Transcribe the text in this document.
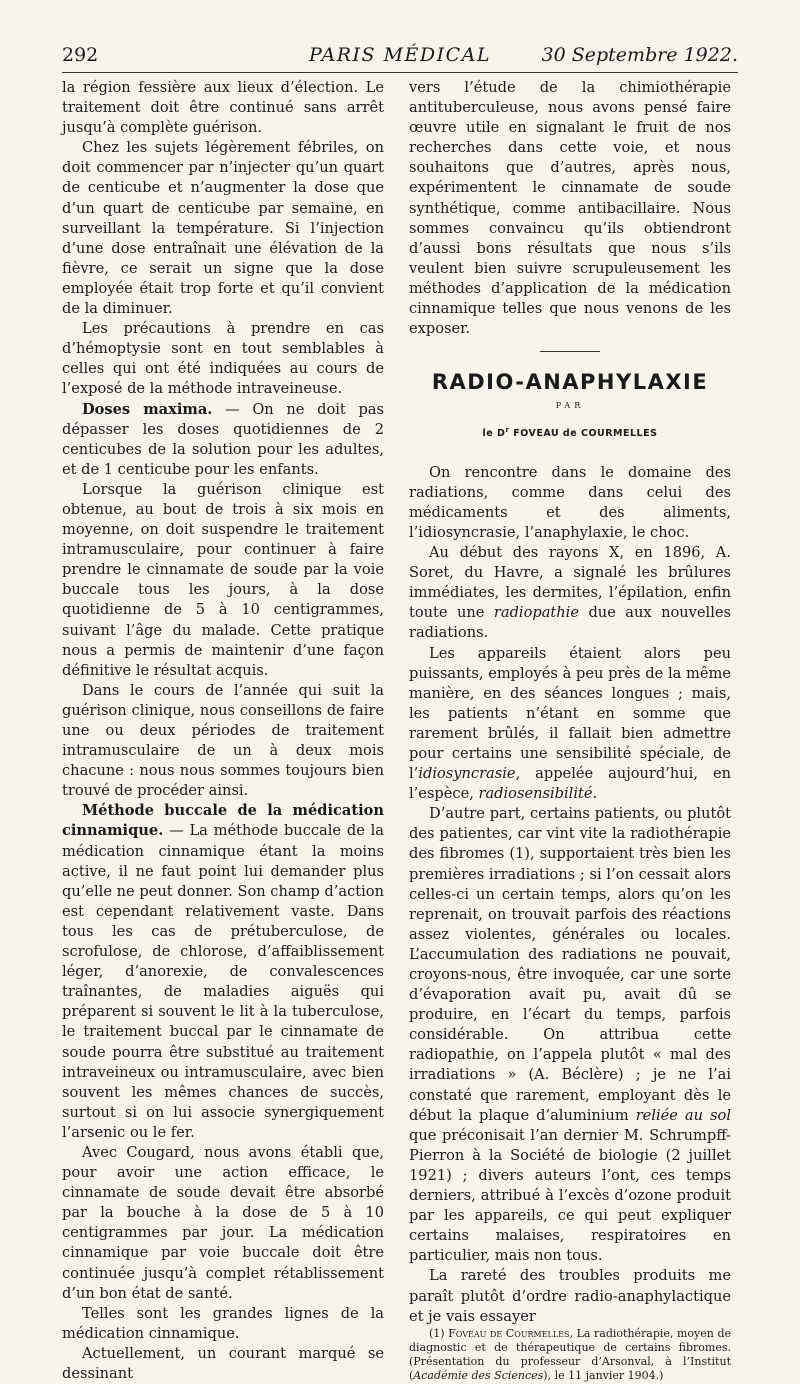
292	PARIS MÉDICAL	30 Septembre 1922.

la région fessière aux lieux d’élection. Le traitement doit être continué sans arrêt jusqu’à complète guérison.

Chez les sujets légèrement fébriles, on doit commencer par n’injecter qu’un quart de centicube et n’augmenter la dose que d’un quart de centicube par semaine, en surveillant la température. Si l’injection d’une dose entraînait une élévation de la fièvre, ce serait un signe que la dose employée était trop forte et qu’il convient de la diminuer.

Les précautions à prendre en cas d’hémoptysie sont en tout semblables à celles qui ont été indiquées au cours de l’exposé de la méthode intraveineuse.

Doses maxima. — On ne doit pas dépasser les doses quotidiennes de 2 centicubes de la solution pour les adultes, et de 1 centicube pour les enfants.

Lorsque la guérison clinique est obtenue, au bout de trois à six mois en moyenne, on doit suspendre le traitement intramusculaire, pour continuer à faire prendre le cinnamate de soude par la voie buccale tous les jours, à la dose quotidienne de 5 à 10 centigrammes, suivant l’âge du malade. Cette pratique nous a permis de maintenir d’une façon définitive le résultat acquis.

Dans le cours de l’année qui suit la guérison clinique, nous conseillons de faire une ou deux périodes de traitement intramusculaire de un à deux mois chacune : nous nous sommes toujours bien trouvé de procéder ainsi.

Méthode buccale de la médication cinnamique. — La méthode buccale de la médication cinnamique étant la moins active, il ne faut point lui demander plus qu’elle ne peut donner. Son champ d’action est cependant relativement vaste. Dans tous les cas de prétuberculose, de scrofulose, de chlorose, d’affaiblissement léger, d’anorexie, de convalescences traînantes, de maladies aiguës qui préparent si souvent le lit à la tuberculose, le traitement buccal par le cinnamate de soude pourra être substitué au traitement intraveineux ou intramusculaire, avec bien souvent les mêmes chances de succès, surtout si on lui associe synergiquement l’arsenic ou le fer.

Avec Cougard, nous avons établi que, pour avoir une action efficace, le cinnamate de soude devait être absorbé par la bouche à la dose de 5 à 10 centigrammes par jour. La médication cinnamique par voie buccale doit être continuée jusqu’à complet rétablissement d’un bon état de santé.

Telles sont les grandes lignes de la médication cinnamique.

Actuellement, un courant marqué se dessinant

vers l’étude de la chimiothérapie antituberculeuse, nous avons pensé faire œuvre utile en signalant le fruit de nos recherches dans cette voie, et nous souhaitons que d’autres, après nous, expérimentent le cinnamate de soude synthétique, comme antibacillaire. Nous sommes convaincu qu’ils obtiendront d’aussi bons résultats que nous s’ils veulent bien suivre scrupuleusement les méthodes d’application de la médication cinnamique telles que nous venons de les exposer.

RADIO-ANAPHYLAXIE
PAR
le $D^r$ FOVEAU de COURMELLES

On rencontre dans le domaine des radiations, comme dans celui des médicaments et des aliments, l’idiosyncrasie, l’anaphylaxie, le choc.

Au début des rayons X, en 1896, A. Soret, du Havre, a signalé les brûlures immédiates, les dermites, l’épilation, enfin toute une radiopathie due aux nouvelles radiations.

Les appareils étaient alors peu puissants, employés à peu près de la même manière, en des séances longues ; mais, les patients n’étant en somme que rarement brûlés, il fallait bien admettre pour certains une sensibilité spéciale, de l’idiosyncrasie, appelée aujourd’hui, en l’espèce, radiosensibilité.

D’autre part, certains patients, ou plutôt des patientes, car vint vite la radiothérapie des fibromes (1), supportaient très bien les premières irradiations ; si l’on cessait alors celles-ci un certain temps, alors qu’on les reprenait, on trouvait parfois des réactions assez violentes, générales ou locales. L’accumulation des radiations ne pouvait, croyons-nous, être invoquée, car une sorte d’évaporation avait pu, avait dû se produire, en l’écart du temps, parfois considérable. On attribua cette radiopathie, on l’appela plutôt « mal des irradiations » (A. Béclère) ; je ne l’ai constaté que rarement, employant dès le début la plaque d’aluminium reliée au sol que préconisait l’an dernier M. Schrumpff-Pierron à la Société de biologie (2 juillet 1921) ; divers auteurs l’ont, ces temps derniers, attribué à l’excès d’ozone produit par les appareils, ce qui peut expliquer certains malaises, respiratoires en particulier, mais non tous.

La rareté des troubles produits me paraît plutôt d’ordre radio-anaphylactique et je vais essayer

(1) Foveau de Courmelles, La radiothérapie, moyen de diagnostic et de thérapeutique de certains fibromes. (Présentation du professeur d’Arsonval, à l’Institut (Académie des Sciences), le 11 janvier 1904.)
